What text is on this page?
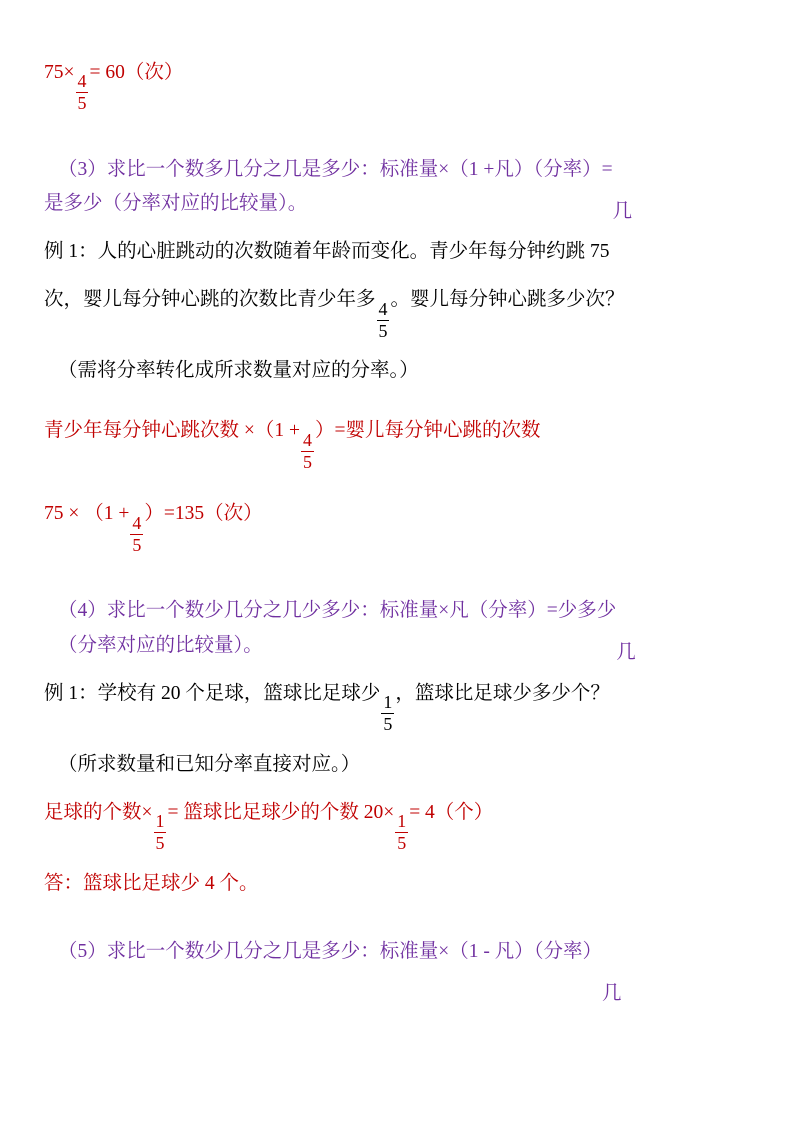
$75\times \frac{4}{5} = 60$（次）

（3）求比一个数多几分之几是多少：标准量×（1 +凡）（分率）=
几

是多少（分率对应的比较量）。

例 1：人的心脏跳动的次数随着年龄而变化。青少年每分钟约跳 75

次，婴儿每分钟心跳的次数比青少年多 $\frac{4}{5}$ 。婴儿每分钟心跳多少次？

（需将分率转化成所求数量对应的分率。）

青少年每分钟心跳次数 $\times(1 + \frac{4}{5}$ ）=婴儿每分钟心跳的次数

$75 \times (1 + \frac{4}{5} )=135$（次）

（4）求比一个数少几分之几少多少：标准量×凡（分率）=少多少
几

（分率对应的比较量）。

例 1：学校有 20 个足球，篮球比足球少 $\frac{1}{5}$ ，篮球比足球少多少个？

（所求数量和已知分率直接对应。）

足球的个数× $\frac{1}{5}$ = 篮球比足球少的个数 $20\times \frac{1}{5} = 4$（个）

答：篮球比足球少 4 个。

（5）求比一个数少几分之几是多少：标准量×（1 - 凡）（分率）
几
